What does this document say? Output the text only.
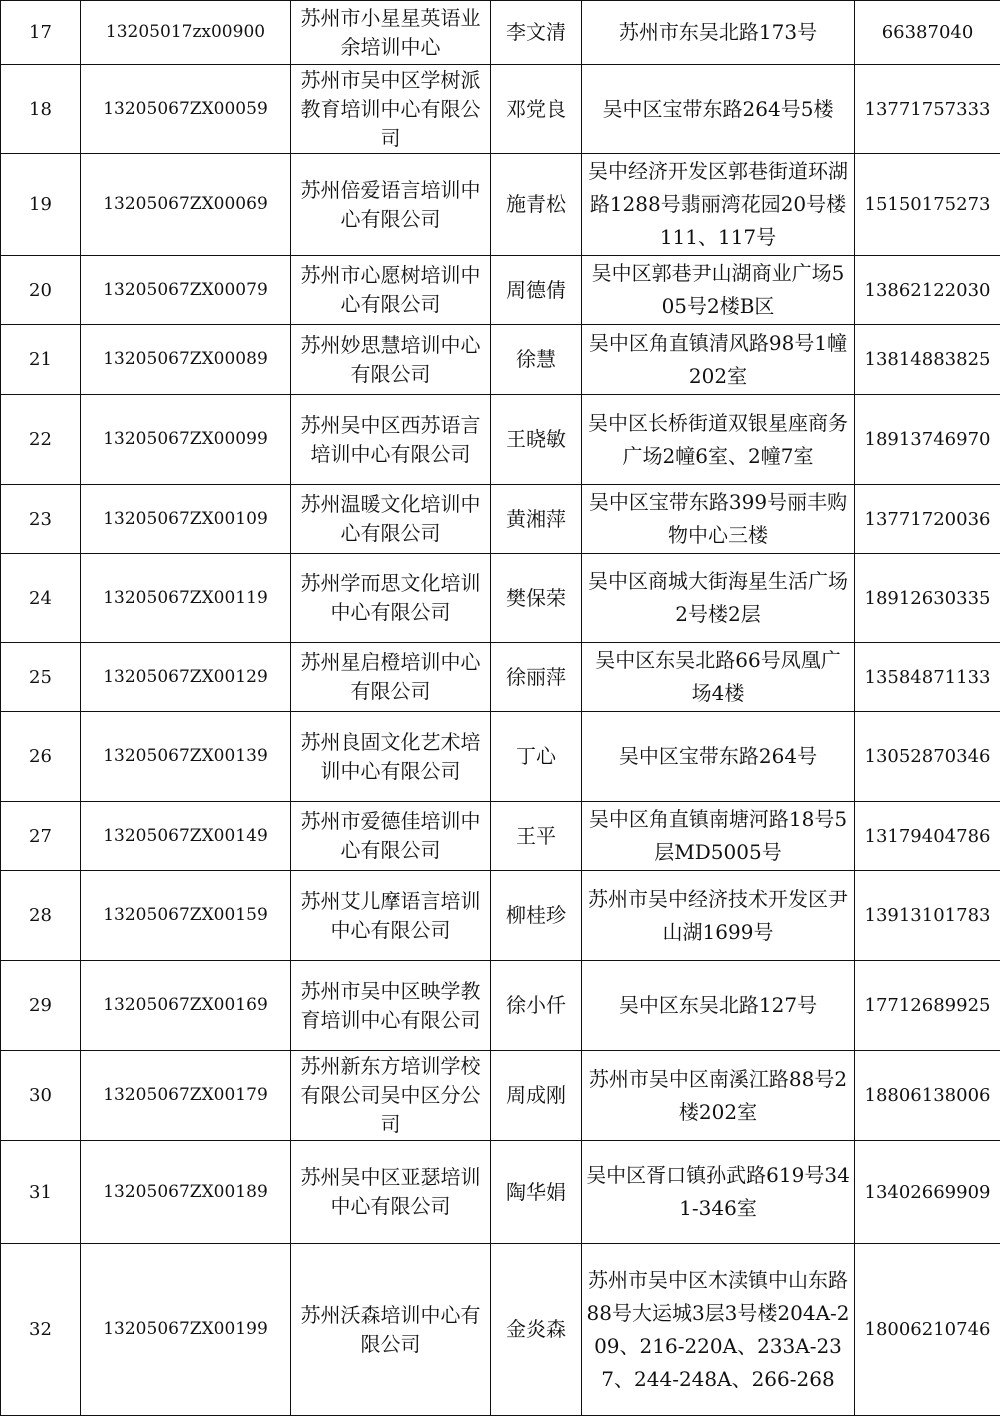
17	13205017zx00900	苏州市小星星英语业余培训中心	李文清	苏州市东吴北路173号	66387040
18	13205067ZX00059	苏州市吴中区学树派教育培训中心有限公司	邓党良	吴中区宝带东路264号5楼	13771757333
19	13205067ZX00069	苏州倍爱语言培训中心有限公司	施青松	吴中经济开发区郭巷街道环湖路1288号翡丽湾花园20号楼111、117号	15150175273
20	13205067ZX00079	苏州市心愿树培训中心有限公司	周德倩	吴中区郭巷尹山湖商业广场505号2楼B区	13862122030
21	13205067ZX00089	苏州妙思慧培训中心有限公司	徐慧	吴中区角直镇清风路98号1幢202室	13814883825
22	13205067ZX00099	苏州吴中区西苏语言培训中心有限公司	王晓敏	吴中区长桥街道双银星座商务广场2幢6室、2幢7室	18913746970
23	13205067ZX00109	苏州温暖文化培训中心有限公司	黄湘萍	吴中区宝带东路399号丽丰购物中心三楼	13771720036
24	13205067ZX00119	苏州学而思文化培训中心有限公司	樊保荣	吴中区商城大街海星生活广场2号楼2层	18912630335
25	13205067ZX00129	苏州星启橙培训中心有限公司	徐丽萍	吴中区东吴北路66号凤凰广场4楼	13584871133
26	13205067ZX00139	苏州良固文化艺术培训中心有限公司	丁心	吴中区宝带东路264号	13052870346
27	13205067ZX00149	苏州市爱德佳培训中心有限公司	王平	吴中区角直镇南塘河路18号5层MD5005号	13179404786
28	13205067ZX00159	苏州艾儿摩语言培训中心有限公司	柳桂珍	苏州市吴中经济技术开发区尹山湖1699号	13913101783
29	13205067ZX00169	苏州市吴中区映学教育培训中心有限公司	徐小仟	吴中区东吴北路127号	17712689925
30	13205067ZX00179	苏州新东方培训学校有限公司吴中区分公司	周成刚	苏州市吴中区南溪江路88号2楼202室	18806138006
31	13205067ZX00189	苏州吴中区亚瑟培训中心有限公司	陶华娟	吴中区胥口镇孙武路619号341-346室	13402669909
32	13205067ZX00199	苏州沃森培训中心有限公司	金炎森	苏州市吴中区木渎镇中山东路88号大运城3层3号楼204A-209、216-220A、233A-237、244-248A、266-268	18006210746
